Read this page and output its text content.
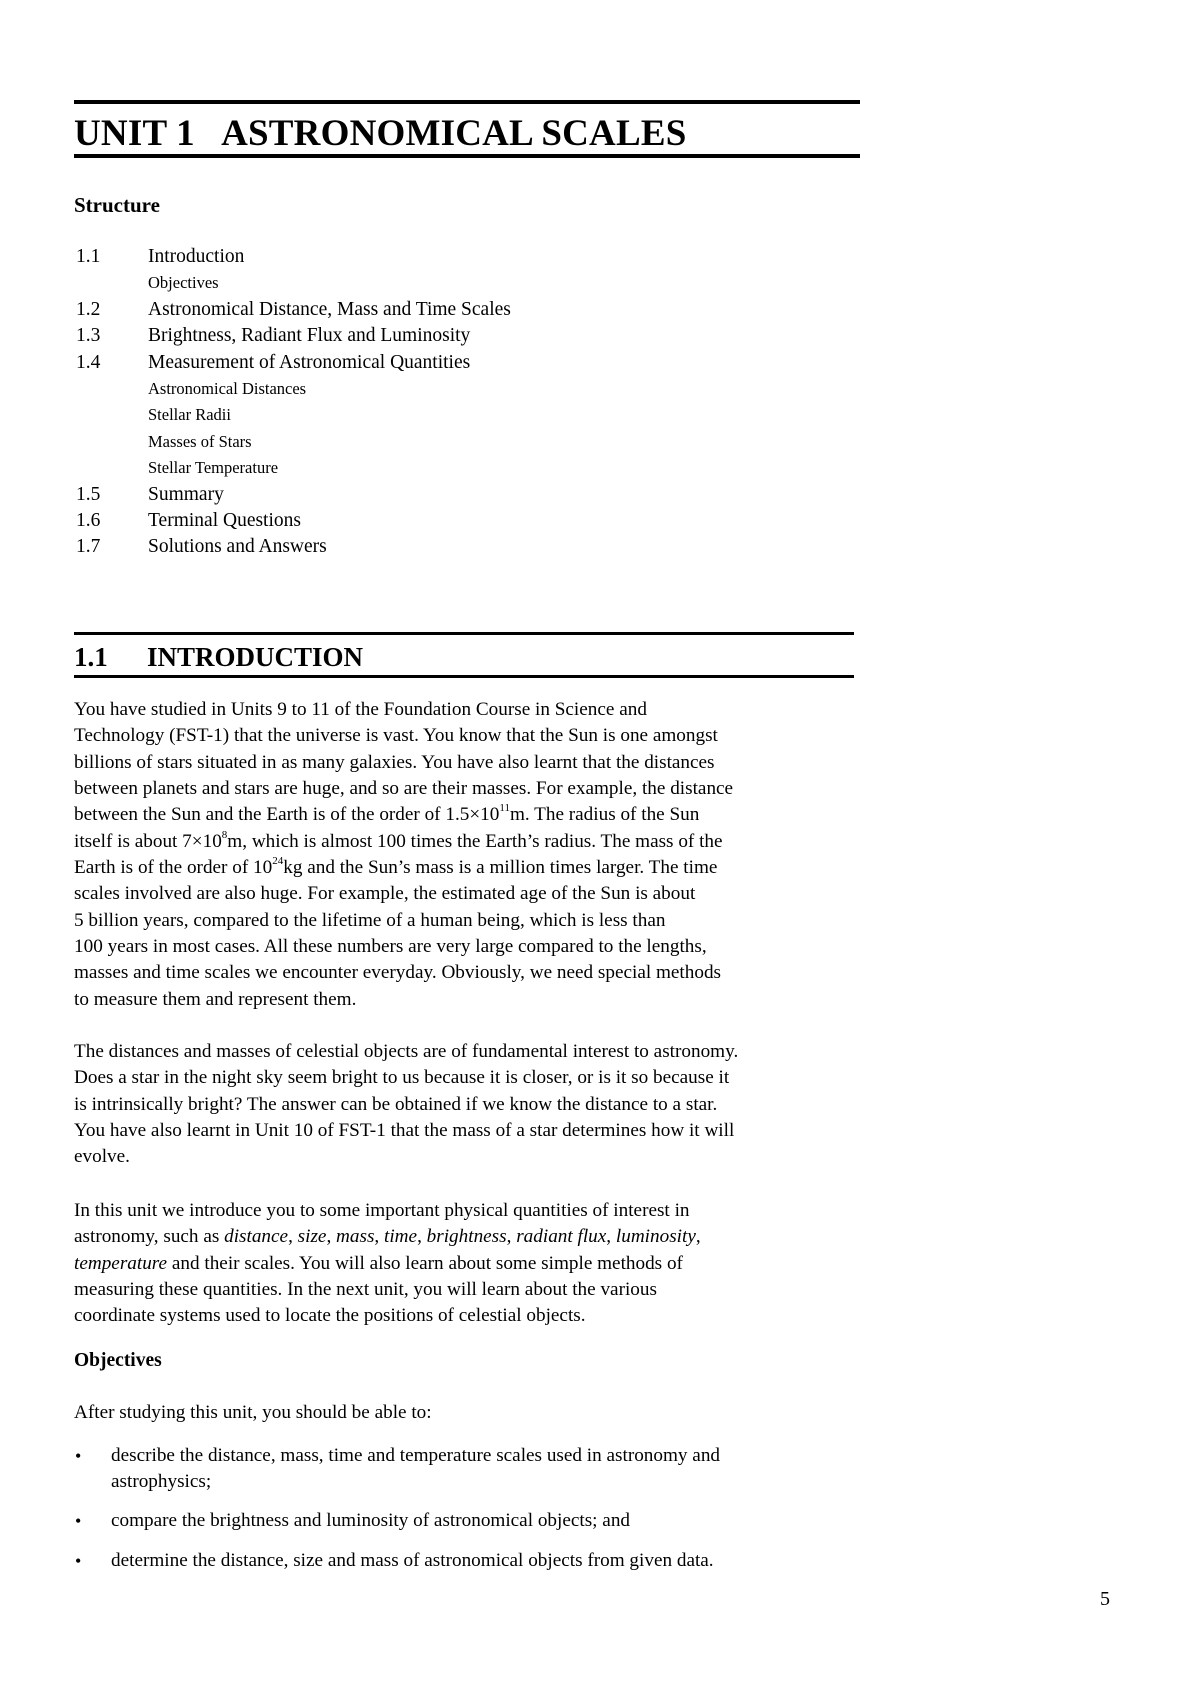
UNIT 1   ASTRONOMICAL SCALES
Structure
1.1 Introduction
Objectives
1.2 Astronomical Distance, Mass and Time Scales
1.3 Brightness, Radiant Flux and Luminosity
1.4 Measurement of Astronomical Quantities
Astronomical Distances
Stellar Radii
Masses of Stars
Stellar Temperature
1.5 Summary
1.6 Terminal Questions
1.7 Solutions and Answers
1.1 INTRODUCTION
You have studied in Units 9 to 11 of the Foundation Course in Science and
Technology (FST-1) that the universe is vast. You know that the Sun is one amongst
billions of stars situated in as many galaxies. You have also learnt that the distances
between planets and stars are huge, and so are their masses. For example, the distance
between the Sun and the Earth is of the order of $1.5\times 10^{11}m$. The radius of the Sun
itself is about $7\times 10^8m$, which is almost 100 times the Earth’s radius. The mass of the
Earth is of the order of $10^{24}kg$ and the Sun’s mass is a million times larger. The time
scales involved are also huge. For example, the estimated age of the Sun is about
5 billion years, compared to the lifetime of a human being, which is less than
100 years in most cases. All these numbers are very large compared to the lengths,
masses and time scales we encounter everyday. Obviously, we need special methods
to measure them and represent them.
The distances and masses of celestial objects are of fundamental interest to astronomy.
Does a star in the night sky seem bright to us because it is closer, or is it so because it
is intrinsically bright? The answer can be obtained if we know the distance to a star.
You have also learnt in Unit 10 of FST-1 that the mass of a star determines how it will
evolve.
In this unit we introduce you to some important physical quantities of interest in
astronomy, such as distance, size, mass, time, brightness, radiant flux, luminosity,
temperature and their scales. You will also learn about some simple methods of
measuring these quantities. In the next unit, you will learn about the various
coordinate systems used to locate the positions of celestial objects.
Objectives
After studying this unit, you should be able to:
• describe the distance, mass, time and temperature scales used in astronomy and
astrophysics;
• compare the brightness and luminosity of astronomical objects; and
• determine the distance, size and mass of astronomical objects from given data.
5
